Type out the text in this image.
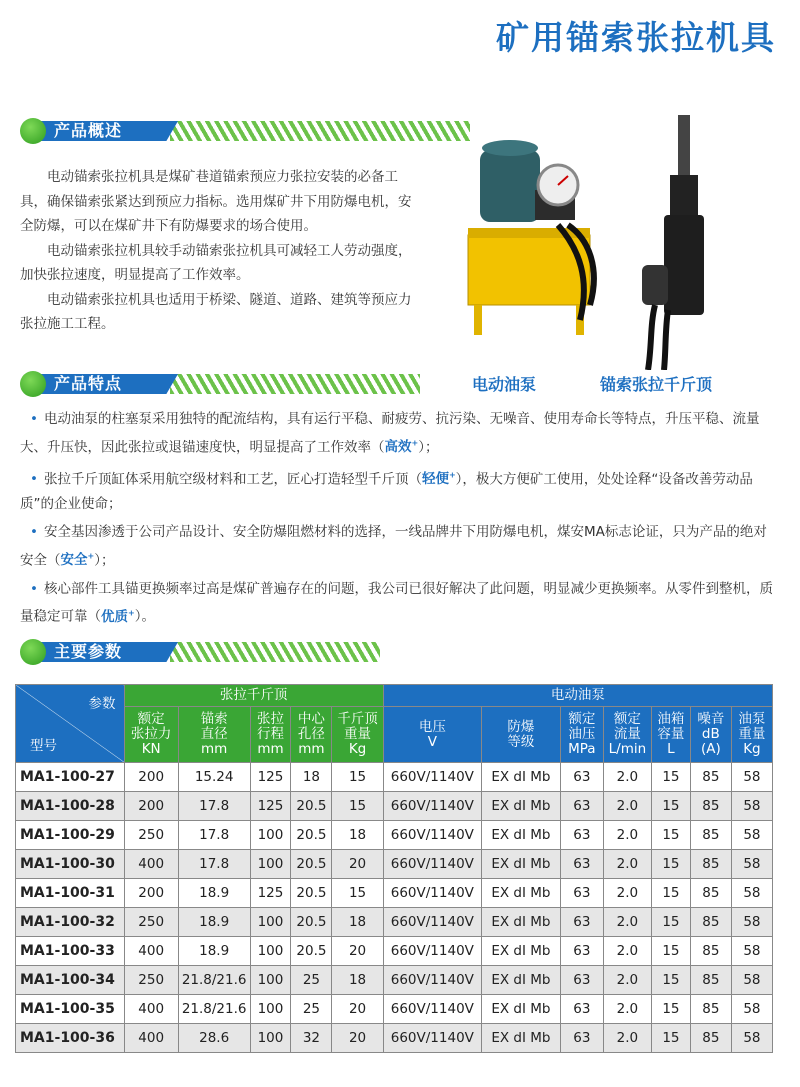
矿用锚索张拉机具
产品概述

电动锚索张拉机具是煤矿巷道锚索预应力张拉安装的必备工具，确保锚索张紧达到预应力指标。选用煤矿井下用防爆电机，安全防爆，可以在煤矿井下有防爆要求的场合使用。

电动锚索张拉机具较手动锚索张拉机具可减轻工人劳动强度，加快张拉速度，明显提高了工作效率。

电动锚索张拉机具也适用于桥梁、隧道、道路、建筑等预应力张拉施工工程。

电动油泵	锚索张拉千斤顶
产品特点

• 电动油泵的柱塞泵采用独特的配流结构，具有运行平稳、耐疲劳、抗污染、无噪音、使用寿命长等特点，升压平稳、流量大、升压快，因此张拉或退锚速度快，明显提高了工作效率（高效+）；

• 张拉千斤顶缸体采用航空级材料和工艺，匠心打造轻型千斤顶（轻便+），极大方便矿工使用，处处诠释“设备改善劳动品质”的企业使命；

• 安全基因渗透于公司产品设计、安全防爆阻燃材料的选择，一线品牌井下用防爆电机，煤安MA标志论证，只为产品的绝对安全（安全+）；

• 核心部件工具锚更换频率过高是煤矿普遍存在的问题，我公司已很好解决了此问题，明显减少更换频率。从零件到整机，质量稳定可靠（优质+）。

主要参数
参数
型号	张拉千斤顶					电动油泵						
	额定
张拉力
KN	锚索
直径
mm	张拉
行程
mm	中心
孔径
mm	千斤顶
重量
Kg	电压
V	防爆
等级	额定
油压
MPa	额定
流量
L/min	油箱
容量
L	噪音
dB
(A)	油泵
重量
Kg
MA1-100-27	200	15.24	125	18	15	660V/1140V	EX dI Mb	63	2.0	15	85	58
MA1-100-28	200	17.8	125	20.5	15	660V/1140V	EX dI Mb	63	2.0	15	85	58
MA1-100-29	250	17.8	100	20.5	18	660V/1140V	EX dI Mb	63	2.0	15	85	58
MA1-100-30	400	17.8	100	20.5	20	660V/1140V	EX dI Mb	63	2.0	15	85	58
MA1-100-31	200	18.9	125	20.5	15	660V/1140V	EX dI Mb	63	2.0	15	85	58
MA1-100-32	250	18.9	100	20.5	18	660V/1140V	EX dI Mb	63	2.0	15	85	58
MA1-100-33	400	18.9	100	20.5	20	660V/1140V	EX dI Mb	63	2.0	15	85	58
MA1-100-34	250	21.8/21.6	100	25	18	660V/1140V	EX dI Mb	63	2.0	15	85	58
MA1-100-35	400	21.8/21.6	100	25	20	660V/1140V	EX dI Mb	63	2.0	15	85	58
MA1-100-36	400	28.6	100	32	20	660V/1140V	EX dI Mb	63	2.0	15	85	58
